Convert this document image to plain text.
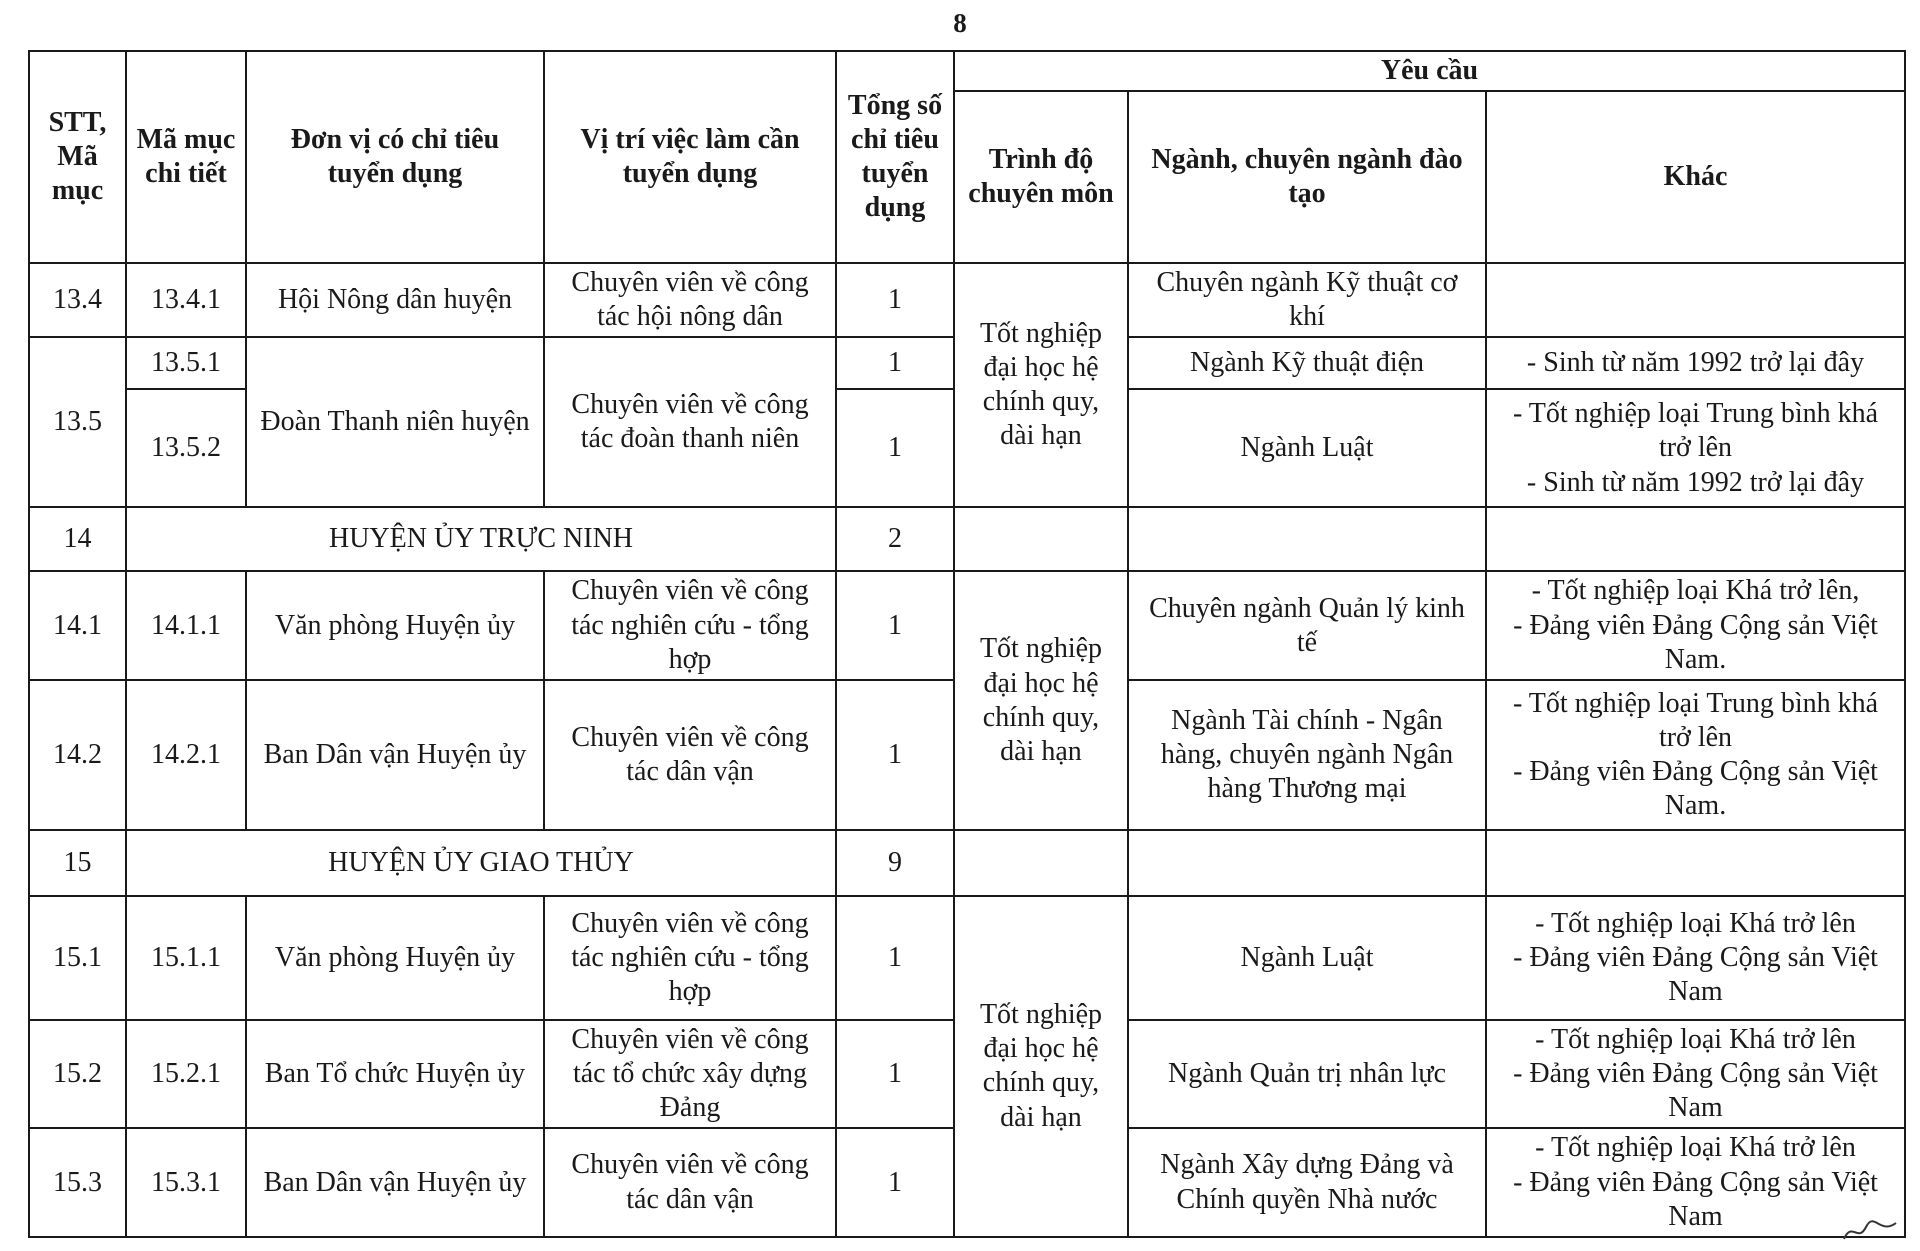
8
STT, Mã mục	Mã mục chi tiết	Đơn vị có chỉ tiêu tuyển dụng	Vị trí việc làm cần tuyển dụng	Tổng số chỉ tiêu tuyển dụng	Yêu cầu		
					Trình độ chuyên môn	Ngành, chuyên ngành đào tạo	Khác
13.4	13.4.1	Hội Nông dân huyện	Chuyên viên về công tác hội nông dân	1	Tốt nghiệp đại học hệ chính quy, dài hạn	Chuyên ngành Kỹ thuật cơ khí	
13.5	13.5.1	Đoàn Thanh niên huyện	Chuyên viên về công tác đoàn thanh niên	1		Ngành Kỹ thuật điện	- Sinh từ năm 1992 trở lại đây
	13.5.2			1		Ngành Luật	- Tốt nghiệp loại Trung bình khá trở lên
- Sinh từ năm 1992 trở lại đây

14	HUYỆN ỦY TRỰC NINH			2			
14.1	14.1.1	Văn phòng Huyện ủy	Chuyên viên về công tác nghiên cứu - tổng hợp	1	Tốt nghiệp đại học hệ chính quy, dài hạn	Chuyên ngành Quản lý kinh tế	- Tốt nghiệp loại Khá trở lên,
- Đảng viên Đảng Cộng sản Việt Nam.

14.2	14.2.1	Ban Dân vận Huyện ủy	Chuyên viên về công tác dân vận	1		Ngành Tài chính - Ngân hàng, chuyên ngành Ngân hàng Thương mại	- Tốt nghiệp loại Trung bình khá trở lên
- Đảng viên Đảng Cộng sản Việt Nam.

15	HUYỆN ỦY GIAO THỦY			9			
15.1	15.1.1	Văn phòng Huyện ủy	Chuyên viên về công tác nghiên cứu - tổng hợp	1	Tốt nghiệp đại học hệ chính quy, dài hạn	Ngành Luật	- Tốt nghiệp loại Khá trở lên
- Đảng viên Đảng Cộng sản Việt Nam

15.2	15.2.1	Ban Tổ chức Huyện ủy	Chuyên viên về công tác tổ chức xây dựng Đảng	1		Ngành Quản trị nhân lực	- Tốt nghiệp loại Khá trở lên
- Đảng viên Đảng Cộng sản Việt Nam

15.3	15.3.1	Ban Dân vận Huyện ủy	Chuyên viên về công tác dân vận	1		Ngành Xây dựng Đảng và Chính quyền Nhà nước	- Tốt nghiệp loại Khá trở lên
- Đảng viên Đảng Cộng sản Việt Nam
